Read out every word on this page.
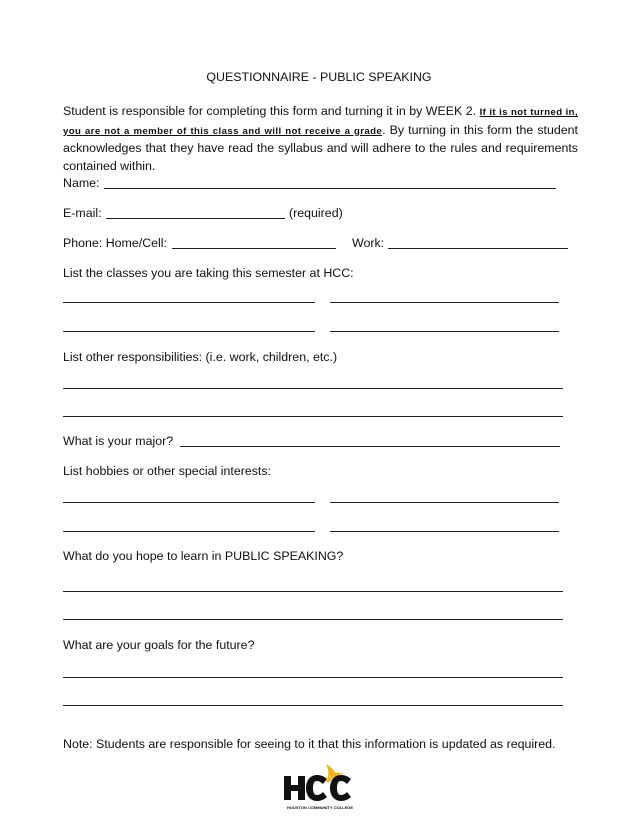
QUESTIONNAIRE - PUBLIC SPEAKING
Student is responsible for completing this form and turning it in by WEEK 2. If it is not turned in, you are not a member of this class and will not receive a grade. By turning in this form the student acknowledges that they have read the syllabus and will adhere to the rules and requirements contained within.
Name:
E-mail:	(required)
Phone: Home/Cell:	Work:
List the classes you are taking this semester at HCC:
List other responsibilities: (i.e. work, children, etc.)
What is your major?
List hobbies or other special interests:
What do you hope to learn in PUBLIC SPEAKING?
What are your goals for the future?
Note: Students are responsible for seeing to it that this information is updated as required.
HOUSTON COMMUNITY COLLEGE
